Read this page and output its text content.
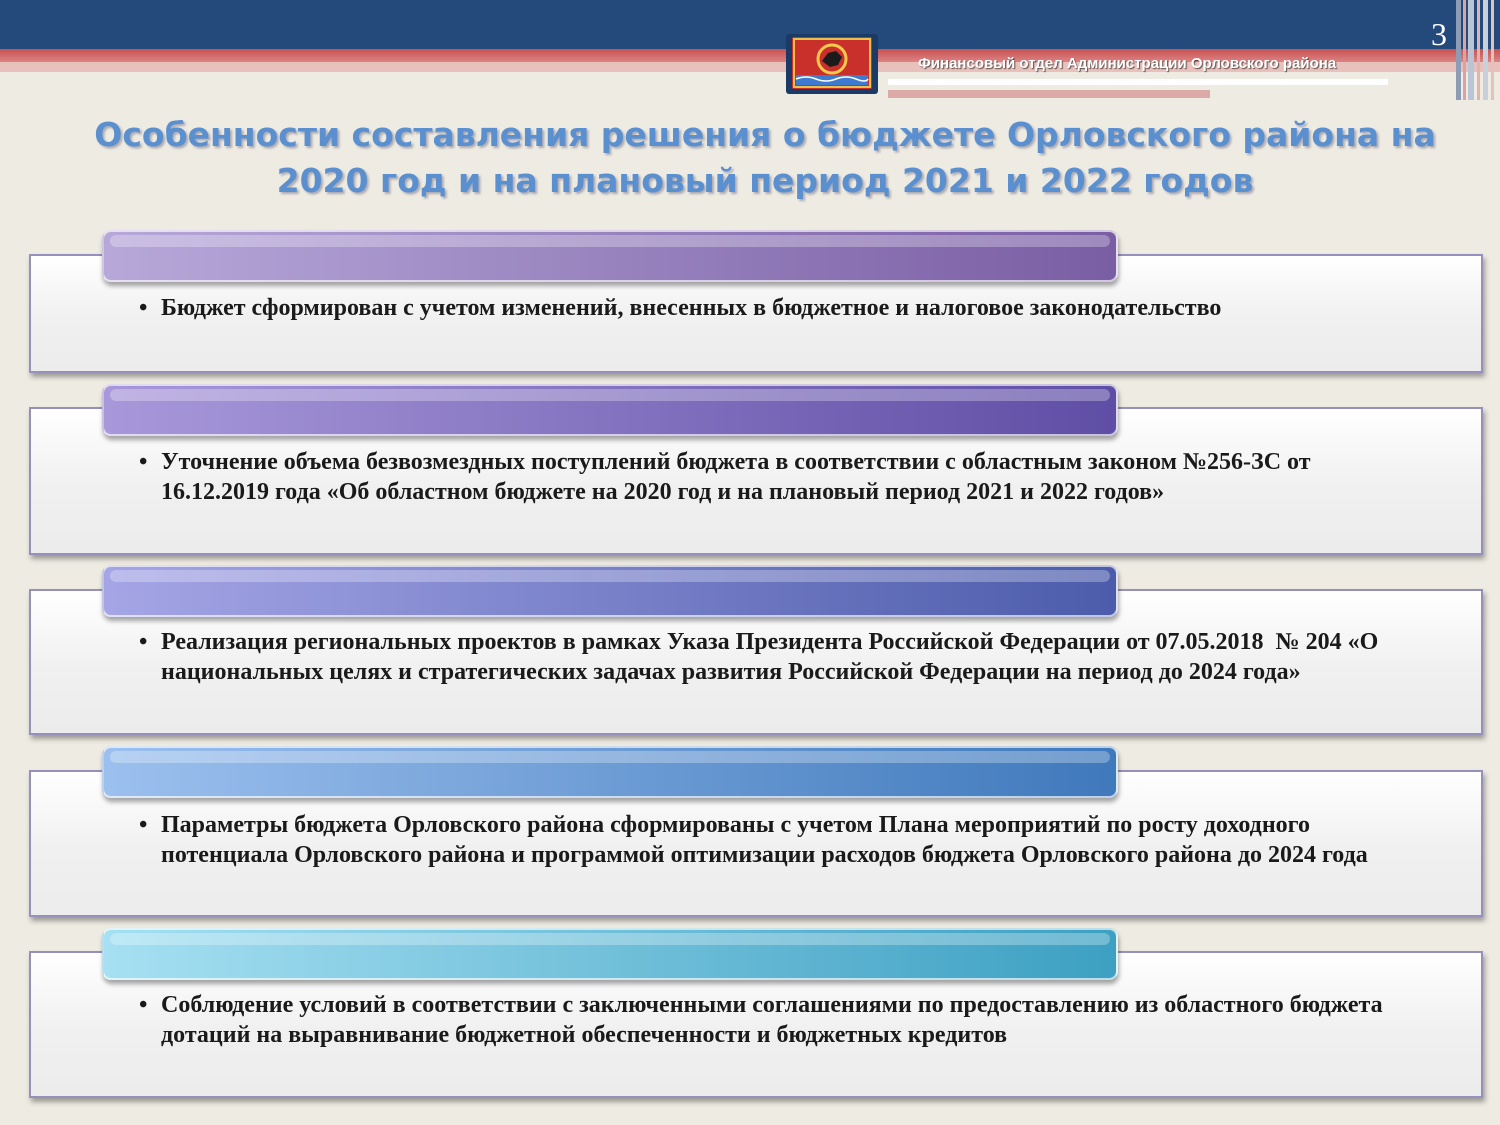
3
Финансовый отдел Администрации Орловского района
Особенности составления решения о бюджете Орловского района на
2020 год и на плановый период 2021 и 2022 годов
• Бюджет сформирован с учетом изменений, внесенных в бюджетное и налоговое законодательство
• Уточнение объема безвозмездных поступлений бюджета в соответствии с областным законом №256-ЗС от 16.12.2019 года «Об областном бюджете на 2020 год и на плановый период 2021 и 2022 годов»
• Реализация региональных проектов в рамках Указа Президента Российской Федерации от 07.05.2018  № 204 «О национальных целях и стратегических задачах развития Российской Федерации на период до 2024 года»
• Параметры бюджета Орловского района сформированы с учетом Плана мероприятий по росту доходного потенциала Орловского района и программой оптимизации расходов бюджета Орловского района до 2024 года
• Соблюдение условий в соответствии с заключенными соглашениями по предоставлению из областного бюджета дотаций на выравнивание бюджетной обеспеченности и бюджетных кредитов
